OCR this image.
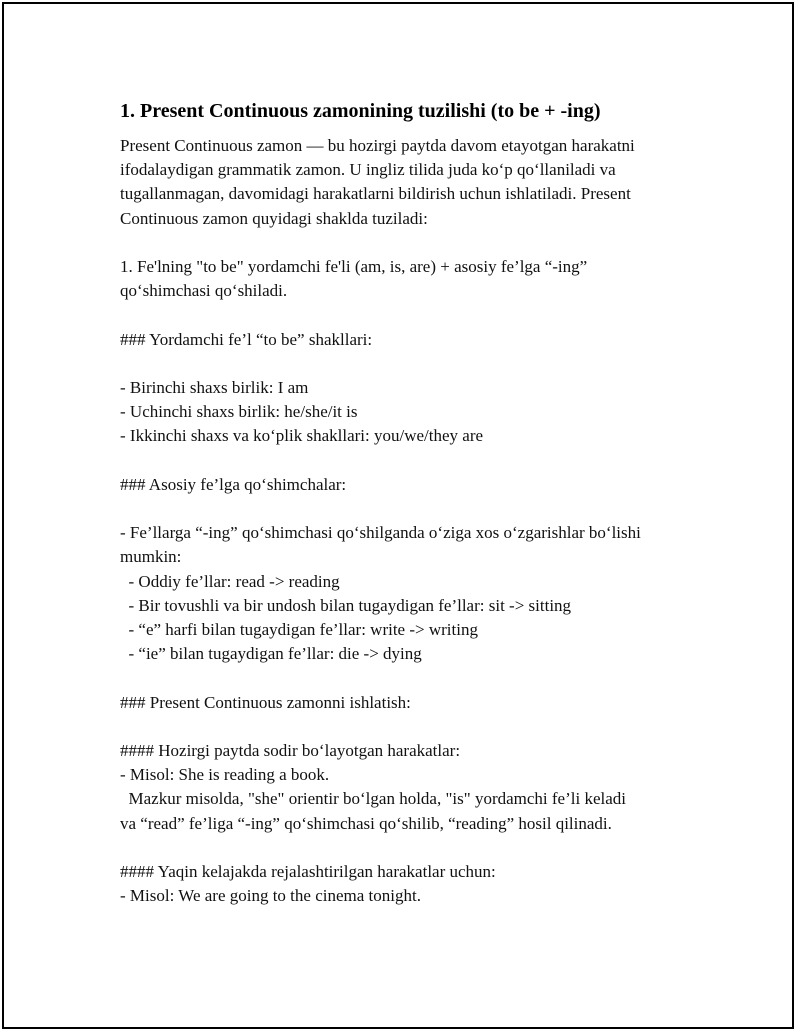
1. Present Continuous zamonining tuzilishi (to be + -ing)

Present Continuous zamon — bu hozirgi paytda davom etayotgan harakatni

ifodalaydigan grammatik zamon. U ingliz tilida juda ko‘p qo‘llaniladi va

tugallanmagan, davomidagi harakatlarni bildirish uchun ishlatiladi. Present

Continuous zamon quyidagi shaklda tuziladi:

1. Fe'lning "to be" yordamchi fe'li (am, is, are) + asosiy fe’lga “-ing”

qo‘shimchasi qo‘shiladi.

### Yordamchi fe’l “to be” shakllari:

- Birinchi shaxs birlik: I am

- Uchinchi shaxs birlik: he/she/it is

- Ikkinchi shaxs va ko‘plik shakllari: you/we/they are

### Asosiy fe’lga qo‘shimchalar:

- Fe’llarga “-ing” qo‘shimchasi qo‘shilganda o‘ziga xos o‘zgarishlar bo‘lishi

mumkin:

- Oddiy fe’llar: read -> reading

- Bir tovushli va bir undosh bilan tugaydigan fe’llar: sit -> sitting

- “e” harfi bilan tugaydigan fe’llar: write -> writing

- “ie” bilan tugaydigan fe’llar: die -> dying

### Present Continuous zamonni ishlatish:

#### Hozirgi paytda sodir bo‘layotgan harakatlar:

- Misol: She is reading a book.

Mazkur misolda, "she" orientir bo‘lgan holda, "is" yordamchi fe’li keladi

va “read” fe’liga “-ing” qo‘shimchasi qo‘shilib, “reading” hosil qilinadi.

#### Yaqin kelajakda rejalashtirilgan harakatlar uchun:

- Misol: We are going to the cinema tonight.
